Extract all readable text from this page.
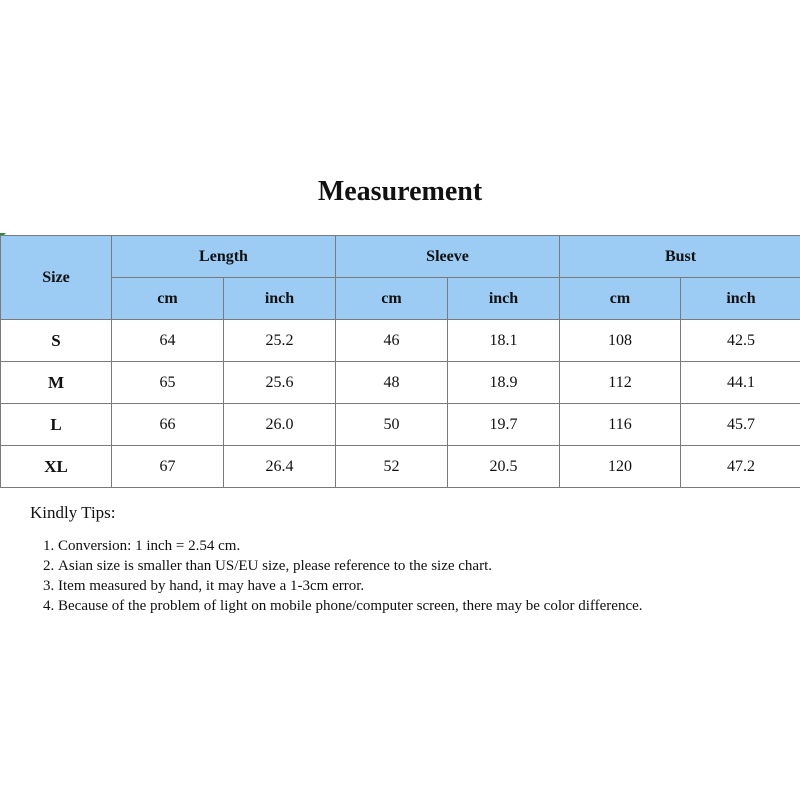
Measurement
Size	Length		Sleeve		Bust	
	cm	inch	cm	inch	cm	inch
S	64	25.2	46	18.1	108	42.5
M	65	25.6	48	18.9	112	44.1
L	66	26.0	50	19.7	116	45.7
XL	67	26.4	52	20.5	120	47.2

Kindly Tips:

1. Conversion: 1 inch = 2.54 cm.
2. Asian size is smaller than US/EU size, please reference to the size chart.
3. Item measured by hand, it may have a 1-3cm error.
4. Because of the problem of light on mobile phone/computer screen, there may be color difference.
